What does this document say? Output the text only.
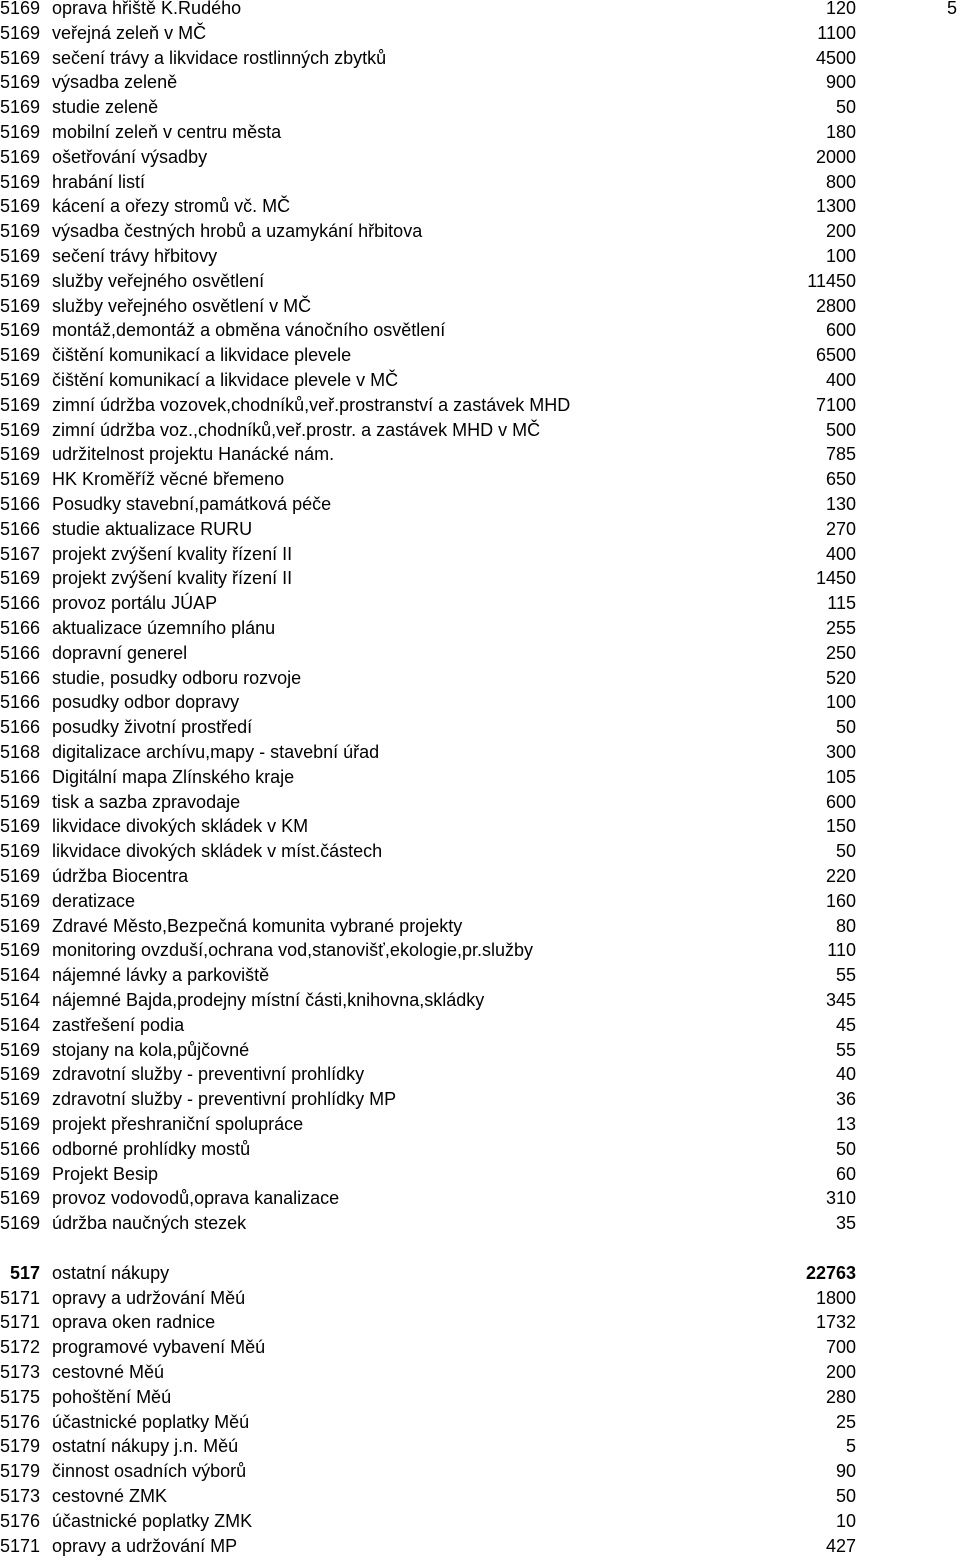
5169 oprava hřiště K.Rudého	120	5
5169 veřejná zeleň v MČ	1100
5169 sečení trávy a likvidace rostlinných zbytků	4500
5169 výsadba zeleně	900
5169 studie zeleně	50
5169 mobilní zeleň v centru města	180
5169 ošetřování výsadby	2000
5169 hrabání listí	800
5169 kácení a ořezy stromů vč. MČ	1300
5169 výsadba čestných hrobů a uzamykání hřbitova	200
5169 sečení trávy hřbitovy	100
5169 služby veřejného osvětlení	11450
5169 služby veřejného osvětlení v MČ	2800
5169 montáž,demontáž a obměna vánočního osvětlení	600
5169 čištění komunikací a likvidace plevele	6500
5169 čištění komunikací a likvidace plevele v MČ	400
5169 zimní údržba vozovek,chodníků,veř.prostranství a zastávek MHD	7100
5169 zimní údržba voz.,chodníků,veř.prostr. a zastávek MHD v MČ	500
5169 udržitelnost projektu Hanácké nám.	785
5169 HK Kroměříž věcné břemeno	650
5166 Posudky stavební,památková péče	130
5166 studie aktualizace RURU	270
5167 projekt zvýšení kvality řízení II	400
5169 projekt zvýšení kvality řízení II	1450
5166 provoz portálu JÚAP	115
5166 aktualizace územního plánu	255
5166 dopravní generel	250
5166 studie, posudky odboru rozvoje	520
5166 posudky odbor dopravy	100
5166 posudky životní prostředí	50
5168 digitalizace archívu,mapy - stavební úřad	300
5166 Digitální mapa Zlínského kraje	105
5169 tisk a sazba zpravodaje	600
5169 likvidace divokých skládek v KM	150
5169 likvidace divokých skládek v míst.částech	50
5169 údržba Biocentra	220
5169 deratizace	160
5169 Zdravé Město,Bezpečná komunita vybrané projekty	80
5169 monitoring ovzduší,ochrana vod,stanovišť,ekologie,pr.služby	110
5164 nájemné lávky a parkoviště	55
5164 nájemné Bajda,prodejny místní části,knihovna,skládky	345
5164 zastřešení podia	45
5169 stojany na kola,půjčovné	55
5169 zdravotní služby - preventivní prohlídky	40
5169 zdravotní služby - preventivní prohlídky MP	36
5169 projekt přeshraniční spolupráce	13
5166 odborné prohlídky mostů	50
5169 Projekt Besip	60
5169 provoz vodovodů,oprava kanalizace	310
5169 údržba naučných stezek	35
517 ostatní nákupy	22763
5171 opravy a udržování Měú	1800
5171 oprava oken radnice	1732
5172 programové vybavení Měú	700
5173 cestovné Měú	200
5175 pohoštění Měú	280
5176 účastnické poplatky Měú	25
5179 ostatní nákupy j.n. Měú	5
5179 činnost osadních výborů	90
5173 cestovné ZMK	50
5176 účastnické poplatky ZMK	10
5171 opravy a udržování MP	427
